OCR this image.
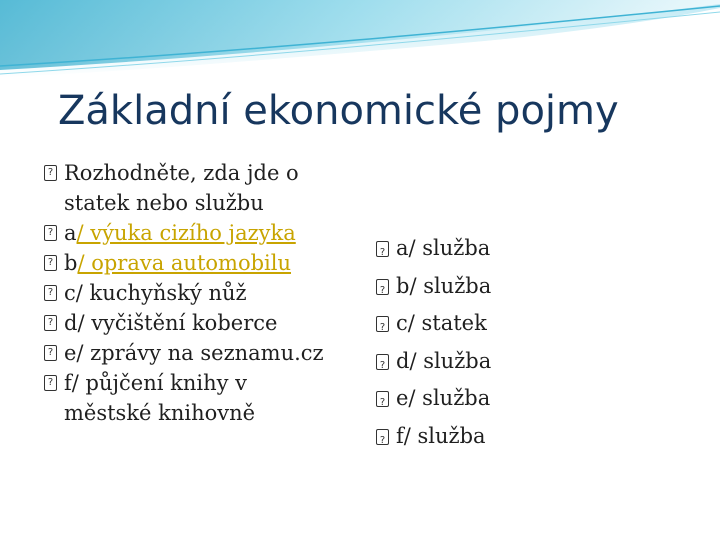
Základní ekonomické pojmy
?
Rozhodněte, zda jde o
statek nebo službu
?
a/ výuka cizího jazyka
?
b/ oprava automobilu
?
c/ kuchyňský nůž
?
d/ vyčištění koberce
?
e/ zprávy na seznamu.cz
?
f/ půjčení knihy v
městské knihovně
?
a/ služba
?
b/ služba
?
c/ statek
?
d/ služba
?
e/ služba
?
f/ služba
